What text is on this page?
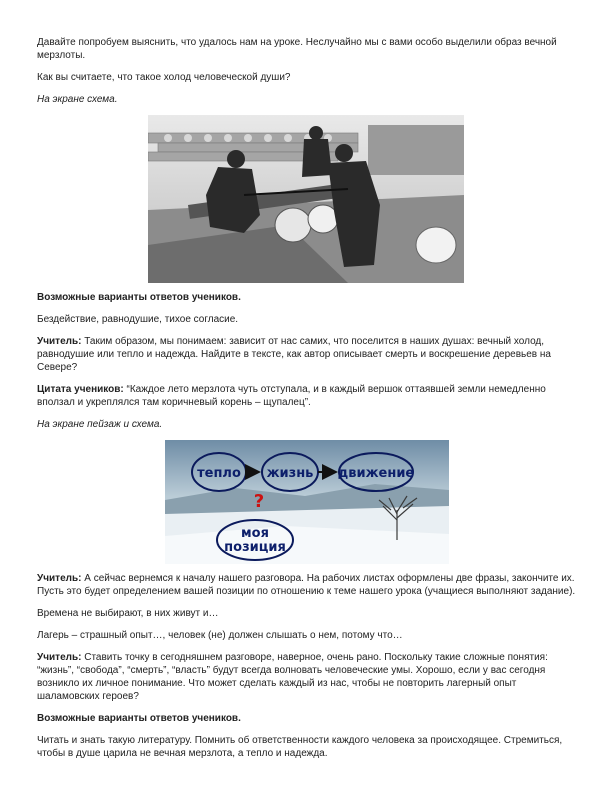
Давайте попробуем выяснить, что удалось нам на уроке. Неслучайно мы с вами особо выделили образ вечной мерзлоты.

Как вы считаете, что такое холод человеческой души?

На экране схема.

Возможные варианты ответов учеников.

Бездействие, равнодушие, тихое согласие.

Учитель: Таким образом, мы понимаем: зависит от нас самих, что поселится в наших душах: вечный холод, равнодушие или тепло и надежда. Найдите в тексте, как автор описывает смерть и воскрешение деревьев на Севере?

Цитата учеников: “Каждое лето мерзлота чуть отступала, и в каждый вершок оттаявшей земли немедленно вползал и укреплялся там коричневый корень – щупалец”.

На экране пейзаж и схема.

тепло жизнь движение
?
моя
позиция

Учитель: А сейчас вернемся к началу нашего разговора. На рабочих листах оформлены две фразы, закончите их. Пусть это будет определением вашей позиции по отношению к теме нашего урока (учащиеся выполняют задание).

Времена не выбирают, в них живут и…

Лагерь – страшный опыт…, человек (не) должен слышать о нем, потому что…

Учитель: Ставить точку в сегодняшнем разговоре, наверное, очень рано. Поскольку такие сложные понятия: “жизнь”, “свобода”, “смерть”, “власть” будут всегда волновать человеческие умы. Хорошо, если у вас сегодня возникло их личное понимание. Что может сделать каждый из нас, чтобы не повторить лагерный опыт шаламовских героев?

Возможные варианты ответов учеников.

Читать и знать такую литературу. Помнить об ответственности каждого человека за происходящее. Стремиться, чтобы в душе царила не вечная мерзлота, а тепло и надежда.
